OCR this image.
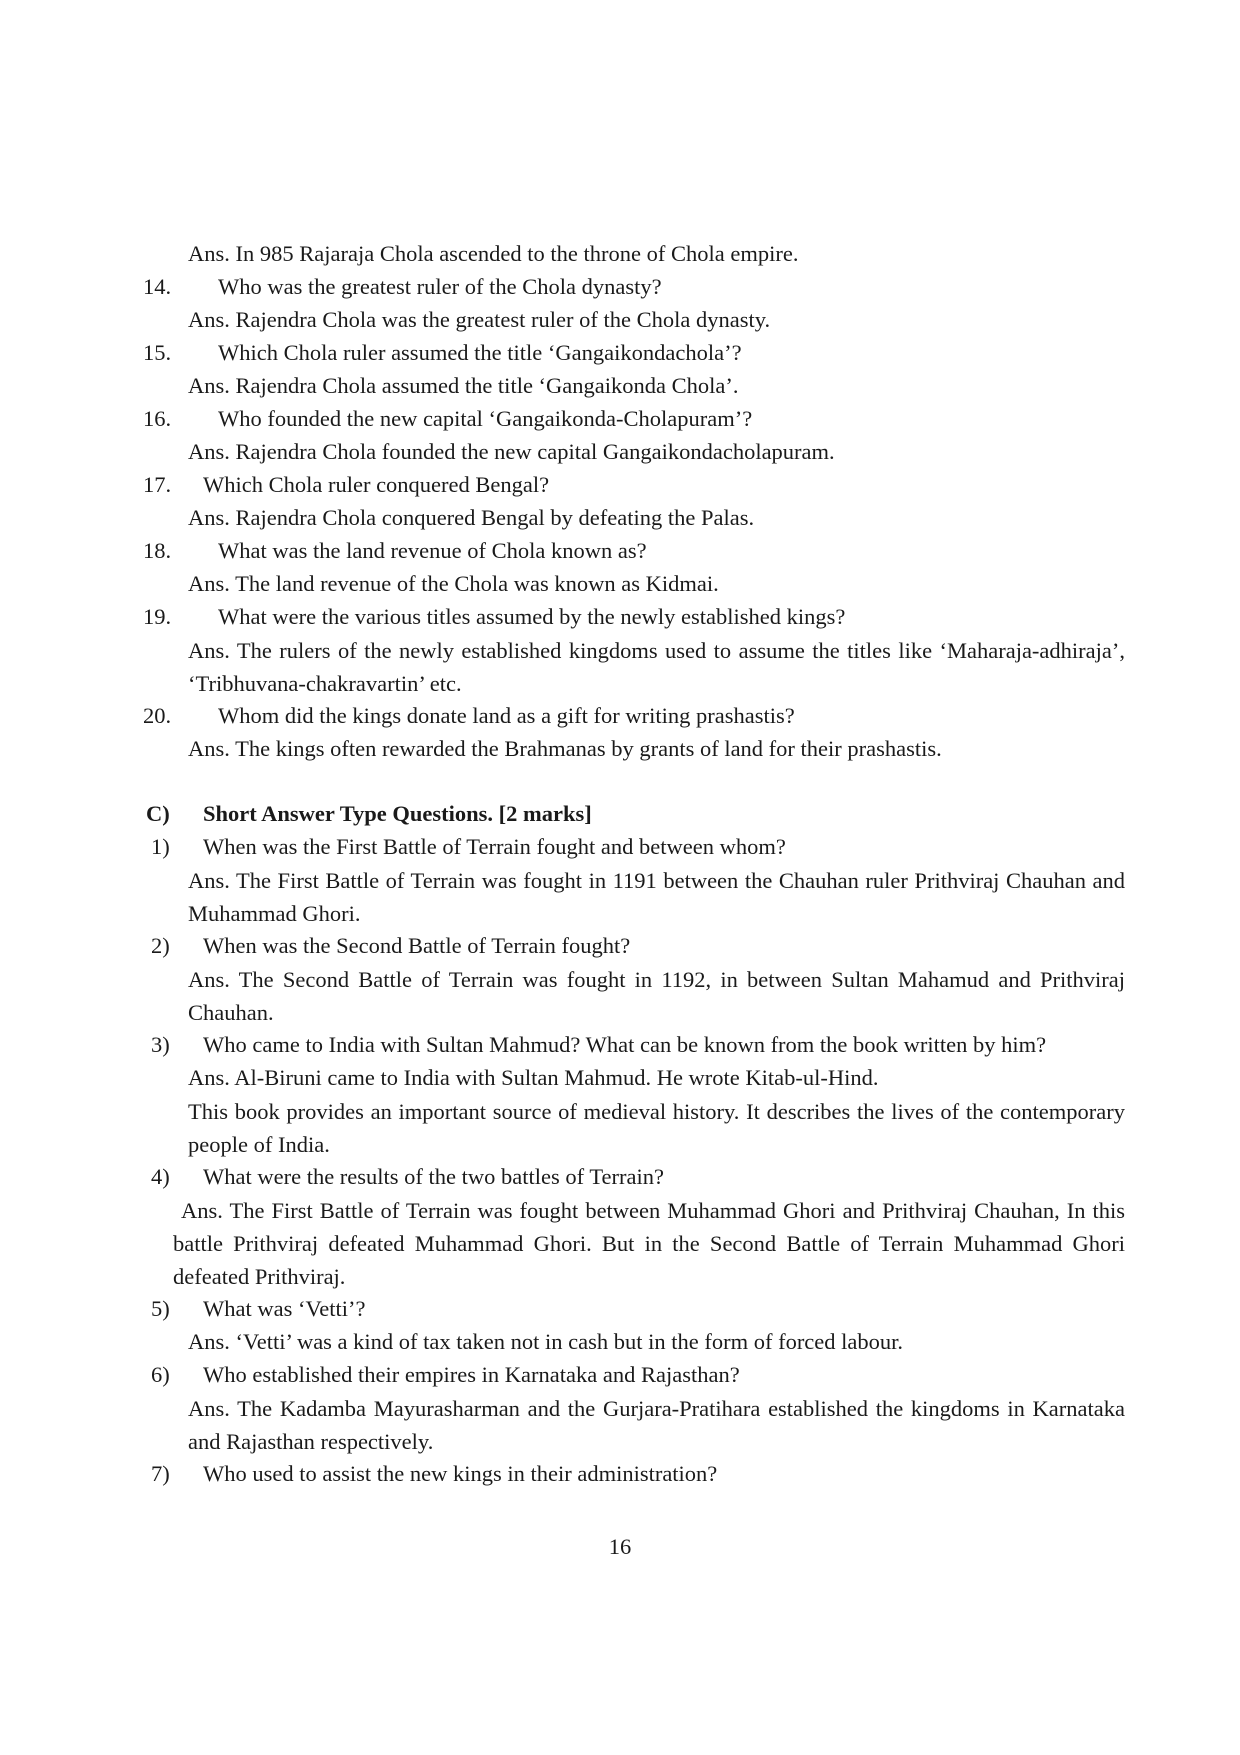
Ans. In 985 Rajaraja Chola ascended to the throne of Chola empire.
14. Who was the greatest ruler of the Chola dynasty?
Ans. Rajendra Chola was the greatest ruler of the Chola dynasty.
15. Which Chola ruler assumed the title ‘Gangaikondachola’?
Ans. Rajendra Chola assumed the title ‘Gangaikonda Chola’.
16. Who founded the new capital ‘Gangaikonda-Cholapuram’?
Ans. Rajendra Chola founded the new capital Gangaikondacholapuram.
17. Which Chola ruler conquered Bengal?
Ans. Rajendra Chola conquered Bengal by defeating the Palas.
18. What was the land revenue of Chola known as?
Ans. The land revenue of the Chola was known as Kidmai.
19. What were the various titles assumed by the newly established kings?
Ans. The rulers of the newly established kingdoms used to assume the titles like ‘Maharaja-adhiraja’, ‘Tribhuvana-chakravartin’ etc.
20. Whom did the kings donate land as a gift for writing prashastis?
Ans. The kings often rewarded the Brahmanas by grants of land for their prashastis.
C) Short Answer Type Questions. [2 marks]
1) When was the First Battle of Terrain fought and between whom?
Ans. The First Battle of Terrain was fought in 1191 between the Chauhan ruler Prithviraj Chauhan and Muhammad Ghori.
2) When was the Second Battle of Terrain fought?
Ans. The Second Battle of Terrain was fought in 1192, in between Sultan Mahamud and Prithviraj Chauhan.
3) Who came to India with Sultan Mahmud? What can be known from the book written by him?
Ans. Al-Biruni came to India with Sultan Mahmud. He wrote Kitab-ul-Hind.
This book provides an important source of medieval history. It describes the lives of the contemporary people of India.
4) What were the results of the two battles of Terrain?
Ans. The First Battle of Terrain was fought between Muhammad Ghori and Prithviraj Chauhan, In this battle Prithviraj defeated Muhammad Ghori. But in the Second Battle of Terrain Muhammad Ghori defeated Prithviraj.
5) What was ‘Vetti’?
Ans. ‘Vetti’ was a kind of tax taken not in cash but in the form of forced labour.
6) Who established their empires in Karnataka and Rajasthan?
Ans. The Kadamba Mayurasharman and the Gurjara-Pratihara established the kingdoms in Karnataka and Rajasthan respectively.
7) Who used to assist the new kings in their administration?
16
